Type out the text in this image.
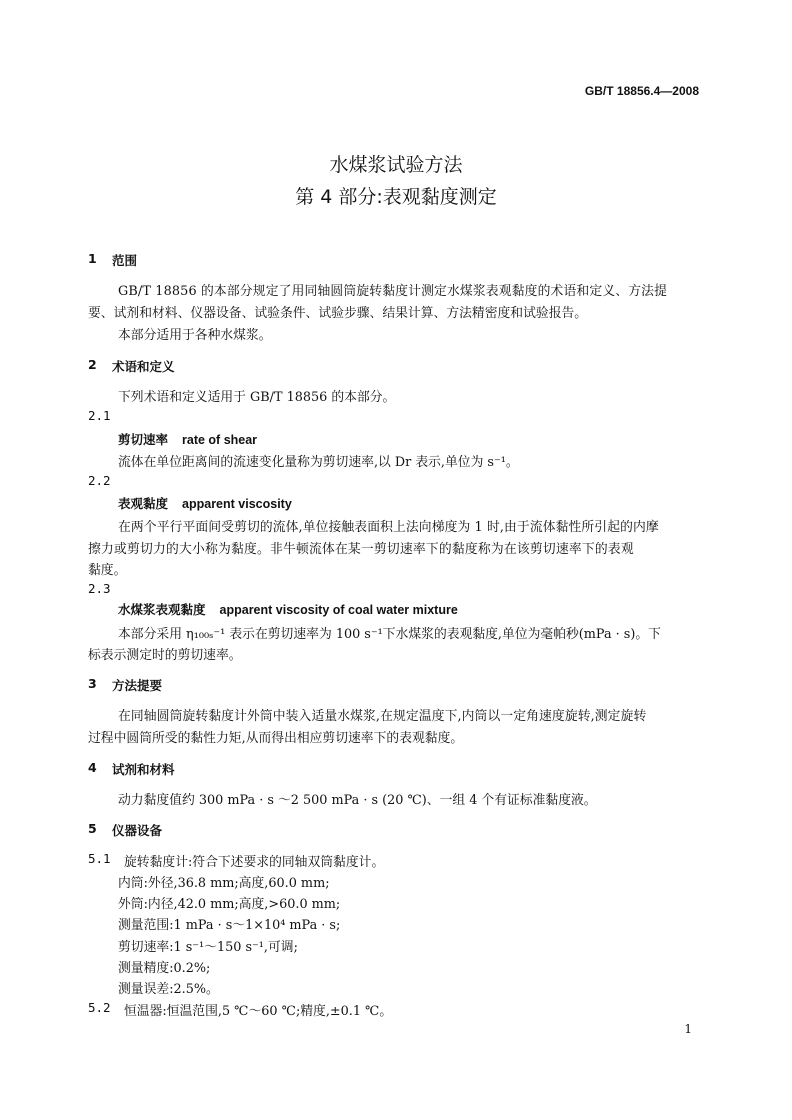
GB/T 18856.4—2008
水煤浆试验方法
第 4 部分:表观黏度测定
1 范围
GB/T 18856 的本部分规定了用同轴圆筒旋转黏度计测定水煤浆表观黏度的术语和定义、方法提
要、试剂和材料、仪器设备、试验条件、试验步骤、结果计算、方法精密度和试验报告。
本部分适用于各种水煤浆。
2 术语和定义
下列术语和定义适用于 GB/T 18856 的本部分。
2.1
剪切速率 rate of shear
流体在单位距离间的流速变化量称为剪切速率,以 Dr 表示,单位为 s⁻¹。
2.2
表观黏度 apparent viscosity
在两个平行平面间受剪切的流体,单位接触表面积上法向梯度为 1 时,由于流体黏性所引起的内摩
擦力或剪切力的大小称为黏度。非牛顿流体在某一剪切速率下的黏度称为在该剪切速率下的表观
黏度。
2.3
水煤浆表观黏度 apparent viscosity of coal water mixture
本部分采用 η₁₀₀ₛ⁻¹ 表示在剪切速率为 100 s⁻¹下水煤浆的表观黏度,单位为毫帕秒(mPa · s)。下
标表示测定时的剪切速率。
3 方法提要
在同轴圆筒旋转黏度计外筒中装入适量水煤浆,在规定温度下,内筒以一定角速度旋转,测定旋转
过程中圆筒所受的黏性力矩,从而得出相应剪切速率下的表观黏度。
4 试剂和材料
动力黏度值约 300 mPa · s ～2 500 mPa · s (20 ℃)、一组 4 个有证标准黏度液。
5 仪器设备
5.1 旋转黏度计:符合下述要求的同轴双筒黏度计。
内筒:外径,36.8 mm;高度,60.0 mm;
外筒:内径,42.0 mm;高度,>60.0 mm;
测量范围:1 mPa · s～1×10⁴ mPa · s;
剪切速率:1 s⁻¹～150 s⁻¹,可调;
测量精度:0.2%;
测量误差:2.5%。
5.2 恒温器:恒温范围,5 ℃～60 ℃;精度,±0.1 ℃。
1
